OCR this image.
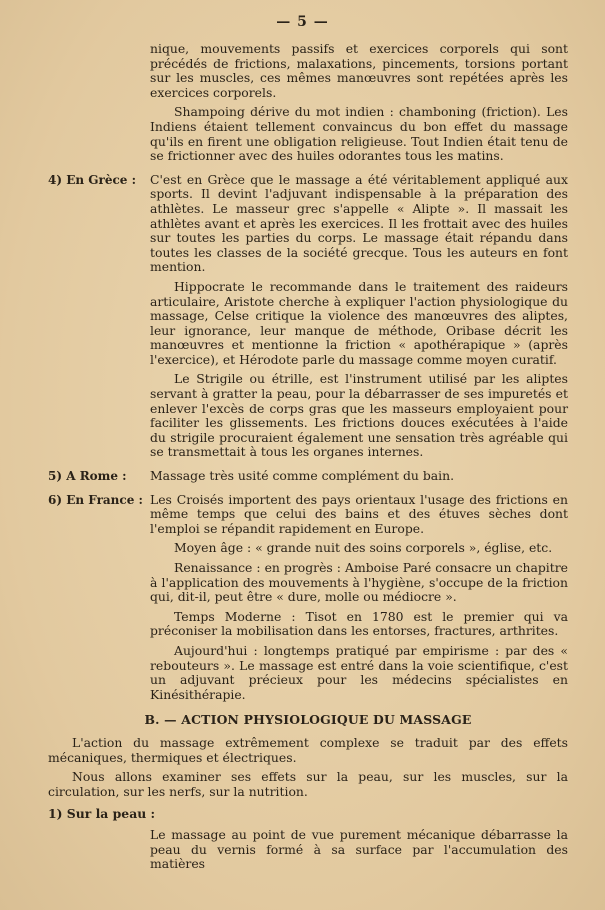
— 5 —

nique, mouvements passifs et exercices corporels qui sont précédés de frictions, malaxations, pincements, torsions portant sur les muscles, ces mêmes manœuvres sont repétées après les exercices corporels.

Shampoing dérive du mot indien : chamboning (friction). Les Indiens étaient tellement convaincus du bon effet du massage qu'ils en firent une obligation religieuse. Tout Indien était tenu de se frictionner avec des huiles odorantes tous les matins.

4) En Grèce :	C'est en Grèce que le massage a été véritablement appliqué aux sports. Il devint l'adjuvant indispensable à la préparation des athlètes. Le masseur grec s'appelle « Alipte ». Il massait les athlètes avant et après les exercices. Il les frottait avec des huiles sur toutes les parties du corps. Le massage était répandu dans toutes les classes de la société grecque. Tous les auteurs en font mention.

Hippocrate le recommande dans le traitement des raideurs articulaire, Aristote cherche à expliquer l'action physiologique du massage, Celse critique la violence des manœuvres des aliptes, leur ignorance, leur manque de méthode, Oribase décrit les manœuvres et mentionne la friction « apothérapique » (après l'exercice), et Hérodote parle du massage comme moyen curatif.

Le Strigile ou étrille, est l'instrument utilisé par les aliptes servant à gratter la peau, pour la débarrasser de ses impuretés et enlever l'excès de corps gras que les masseurs employaient pour faciliter les glissements. Les frictions douces exécutées à l'aide du strigile procuraient également une sensation très agréable qui se transmettait à tous les organes internes.

5) A Rome :	Massage très usité comme complément du bain.

6) En France : Les Croisés importent des pays orientaux l'usage des frictions en même temps que celui des bains et des étuves sèches dont l'emploi se répandit rapidement en Europe.

Moyen âge : « grande nuit des soins corporels », église, etc.

Renaissance : en progrès : Amboise Paré consacre un chapitre à l'application des mouvements à l'hygiène, s'occupe de la friction qui, dit-il, peut être « dure, molle ou médiocre ».

Temps Moderne : Tisot en 1780 est le premier qui va préconiser la mobilisation dans les entorses, fractures, arthrites.

Aujourd'hui : longtemps pratiqué par empirisme : par des « rebouteurs ». Le massage est entré dans la voie scientifique, c'est un adjuvant précieux pour les médecins spécialistes en Kinésithérapie.

B. — ACTION PHYSIOLOGIQUE DU MASSAGE

L'action du massage extrêmement complexe se traduit par des effets mécaniques, thermiques et électriques.

Nous allons examiner ses effets sur la peau, sur les muscles, sur la circulation, sur les nerfs, sur la nutrition.

1) Sur la peau :

Le massage au point de vue purement mécanique débarrasse la peau du vernis formé à sa surface par l'accumulation des matières
